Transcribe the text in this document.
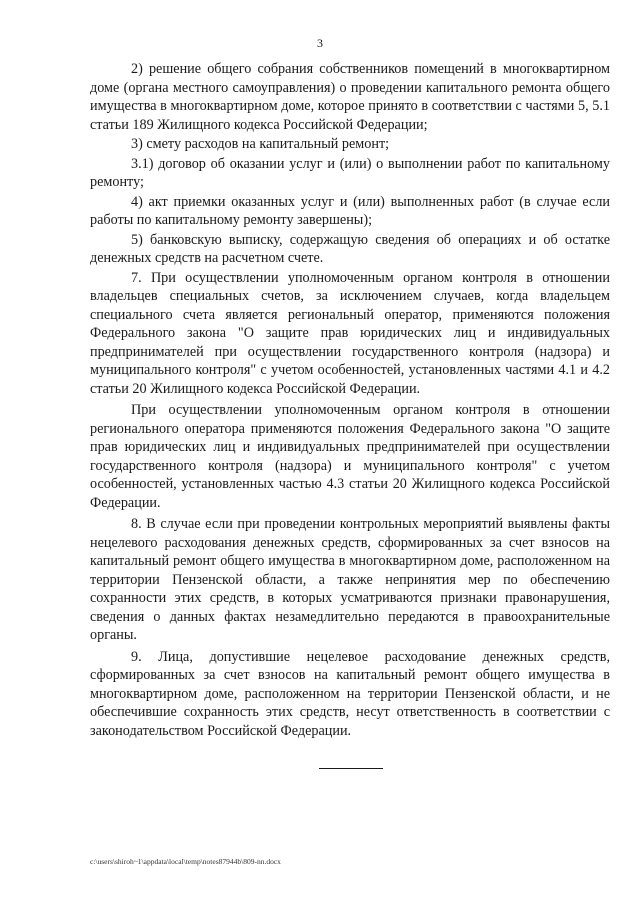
3

2) решение общего собрания собственников помещений в многоквартирном доме (органа местного самоуправления) о проведении капитального ремонта общего имущества в многоквартирном доме, которое принято в соответствии с частями 5, 5.1 статьи 189 Жилищного кодекса Российской Федерации;

3) смету расходов на капитальный ремонт;

3.1) договор об оказании услуг и (или) о выполнении работ по капитальному ремонту;

4) акт приемки оказанных услуг и (или) выполненных работ (в случае если работы по капитальному ремонту завершены);

5) банковскую выписку, содержащую сведения об операциях и об остатке денежных средств на расчетном счете.

7. При осуществлении уполномоченным органом контроля в отношении владельцев специальных счетов, за исключением случаев, когда владельцем специального счета является региональный оператор, применяются положения Федерального закона "О защите прав юридических лиц и индивидуальных предпринимателей при осуществлении государственного контроля (надзора) и муниципального контроля" с учетом особенностей, установленных частями 4.1 и 4.2 статьи 20 Жилищного кодекса Российской Федерации.

При осуществлении уполномоченным органом контроля в отношении регионального оператора применяются положения Федерального закона "О защите прав юридических лиц и индивидуальных предпринимателей при осуществлении государственного контроля (надзора) и муниципального контроля" с учетом особенностей, установленных частью 4.3 статьи 20 Жилищного кодекса Российской Федерации.

8. В случае если при проведении контрольных мероприятий выявлены факты нецелевого расходования денежных средств, сформированных за счет взносов на капитальный ремонт общего имущества в многоквартирном доме, расположенном на территории Пензенской области, а также непринятия мер по обеспечению сохранности этих средств, в которых усматриваются признаки правонарушения, сведения о данных фактах незамедлительно передаются в правоохранительные органы.

9. Лица, допустившие нецелевое расходование денежных средств, сформированных за счет взносов на капитальный ремонт общего имущества в многоквартирном доме, расположенном на территории Пензенской области, и не обеспечившие сохранность этих средств, несут ответственность в соответствии с законодательством Российской Федерации.

c:\users\shiroh~1\appdata\local\temp\notes87944b\809-nn.docx
